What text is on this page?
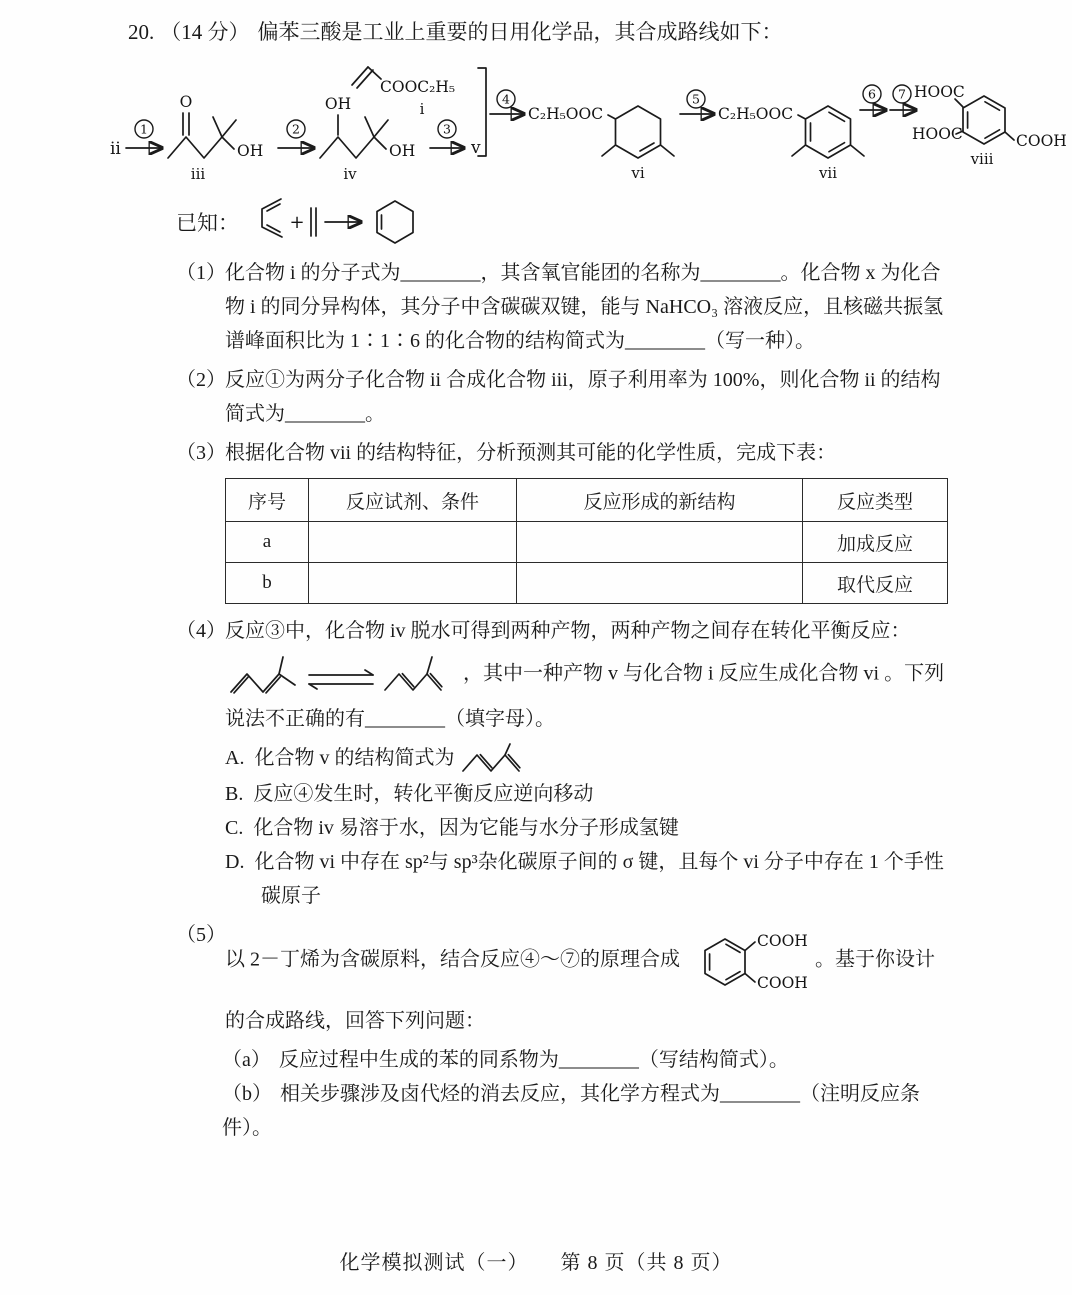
20. （14 分） 偏苯三酸是工业上重要的日用化学品，其合成路线如下：
ii
1
O
OH
iii
2
OH
OH
iv
3
v
COOC₂H₅
i
4
C₂H₅OOC
vi
5
C₂H₅OOC
vii
6 7 HOOC
HOOC	COOH
viii
已知：	+
（1） 化合物 i 的分子式为________，其含氧官能团的名称为________。化合物 x 为化合物 i 的同分异构体，其分子中含碳碳双键，能与 NaHCO₃ 溶液反应，且核磁共振氢谱峰面积比为 1∶1∶6 的化合物的结构简式为________（写一种）。
（2） 反应①为两分子化合物 ii 合成化合物 iii，原子利用率为 100%，则化合物 ii 的结构简式为________。
（3） 根据化合物 vii 的结构特征，分析预测其可能的化学性质，完成下表：
序号	反应试剂、条件	反应形成的新结构	反应类型
a			加成反应
b			取代反应
（4） 反应③中，化合物 iv 脱水可得到两种产物，两种产物之间存在转化平衡反应：
，其中一种产物 v 与化合物 i 反应生成化合物 vi 。下列说法不正确的有________（填字母）。
A. 化合物 v 的结构简式为
B. 反应④发生时，转化平衡反应逆向移动
C. 化合物 iv 易溶于水，因为它能与水分子形成氢键
D. 化合物 vi 中存在 sp²与 sp³杂化碳原子间的 σ 键，且每个 vi 分子中存在 1 个手性碳原子
（5）
以 2－丁烯为含碳原料，结合反应④～⑦的原理合成
COOH
COOH
。基于你设计
的合成路线，回答下列问题：
（a） 反应过程中生成的苯的同系物为________（写结构简式）。
（b） 相关步骤涉及卤代烃的消去反应，其化学方程式为________（注明反应条件）。
化学模拟测试（一）　　第 8 页（共 8 页）
